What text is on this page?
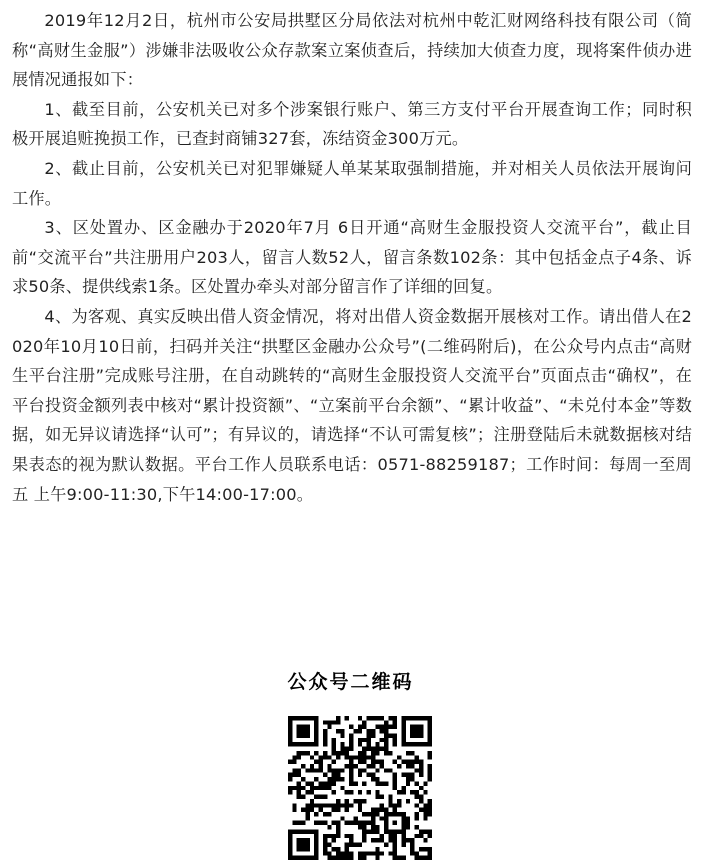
2019年12月2日，杭州市公安局拱墅区分局依法对杭州中乾汇财网络科技有限公司（简称“高财生金服”）涉嫌非法吸收公众存款案立案侦查后，持续加大侦查力度，现将案件侦办进展情况通报如下：

1、截至目前，公安机关已对多个涉案银行账户、第三方支付平台开展查询工作；同时积极开展追赃挽损工作，已查封商铺327套，冻结资金300万元。

2、截止目前，公安机关已对犯罪嫌疑人单某某取强制措施，并对相关人员依法开展询问工作。

3、区处置办、区金融办于2020年7月 6日开通“高财生金服投资人交流平台”，截止目前“交流平台”共注册用户203人，留言人数52人，留言条数102条：其中包括金点子4条、诉求50条、提供线索1条。区处置办牵头对部分留言作了详细的回复。

4、为客观、真实反映出借人资金情况，将对出借人资金数据开展核对工作。请出借人在2020年10月10日前，扫码并关注“拱墅区金融办公众号”(二维码附后)，在公众号内点击“高财生平台注册”完成账号注册，在自动跳转的“高财生金服投资人交流平台”页面点击“确权”，在平台投资金额列表中核对“累计投资额”、“立案前平台余额”、“累计收益”、“未兑付本金”等数据，如无异议请选择“认可”；有异议的，请选择“不认可需复核”；注册登陆后未就数据核对结果表态的视为默认数据。平台工作人员联系电话：0571-88259187；工作时间：每周一至周五 上午9:00-11:30,下午14:00-17:00。

公众号二维码
